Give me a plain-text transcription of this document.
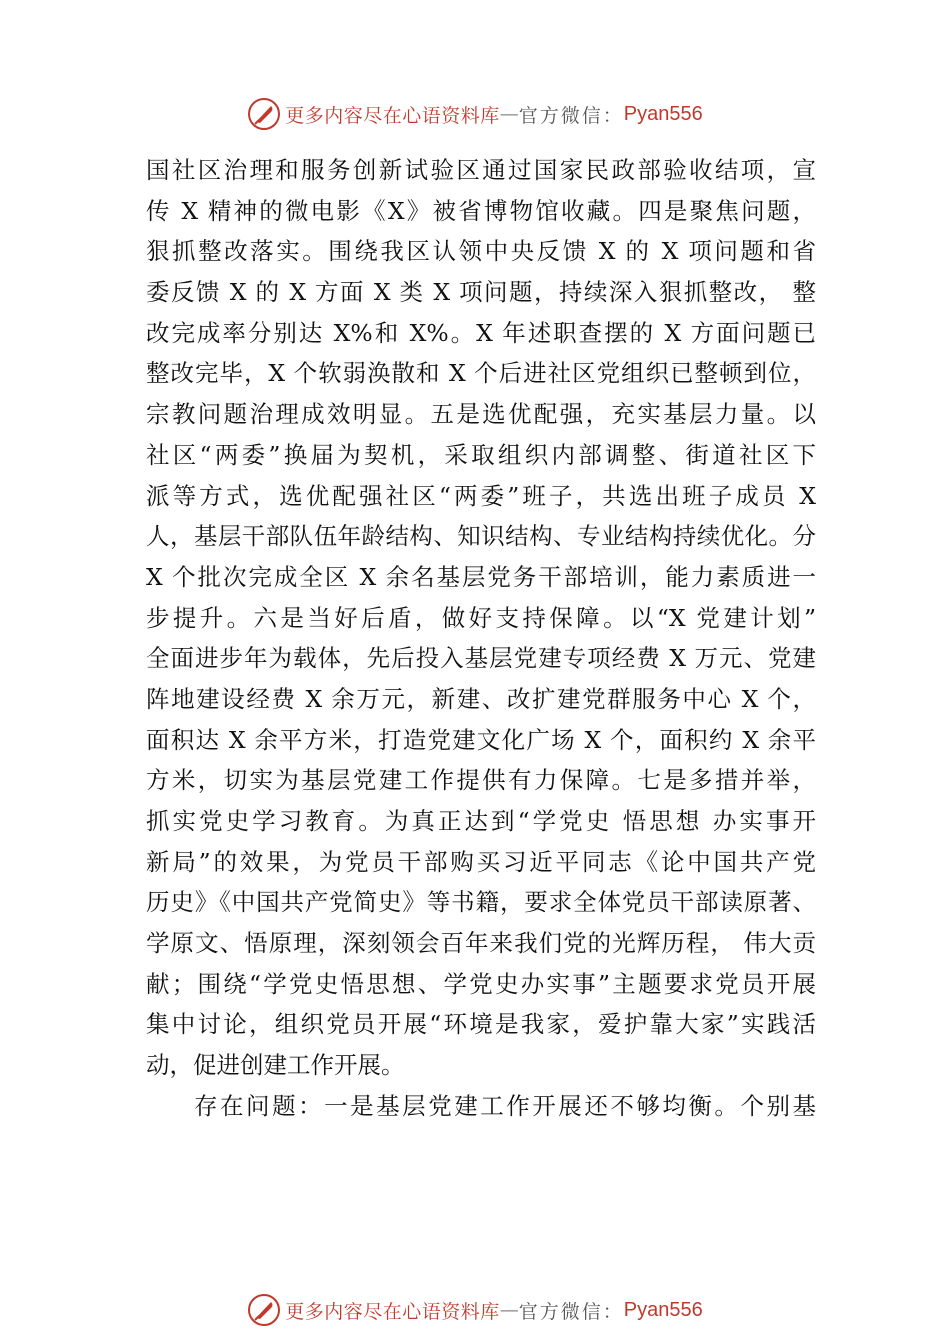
更多内容尽在心语资料库 — 官方微信： Pyan556
国社区治理和服务创新试验区通过国家民政部验收结项，宣
传 X 精神的微电影《X》被省博物馆收藏。四是聚焦问题，
狠抓整改落实。围绕我区认领中央反馈 X 的 X 项问题和省
委反馈 X 的 X 方面 X 类 X 项问题，持续深入狠抓整改， 整
改完成率分别达 X%和 X%。X 年述职查摆的 X 方面问题已
整改完毕，X 个软弱涣散和 X 个后进社区党组织已整顿到位，
宗教问题治理成效明显。五是选优配强，充实基层力量。以
社区“两委”换届为契机，采取组织内部调整、街道社区下
派等方式，选优配强社区“两委”班子，共选出班子成员 X
人，基层干部队伍年龄结构、知识结构、专业结构持续优化。分
X 个批次完成全区 X 余名基层党务干部培训，能力素质进一
步提升。六是当好后盾，做好支持保障。以“X 党建计划”
全面进步年为载体，先后投入基层党建专项经费 X 万元、党建
阵地建设经费 X 余万元，新建、改扩建党群服务中心 X 个，
面积达 X 余平方米，打造党建文化广场 X 个，面积约 X 余平
方米，切实为基层党建工作提供有力保障。七是多措并举，
抓实党史学习教育。为真正达到“学党史 悟思想 办实事开
新局”的效果，为党员干部购买习近平同志《论中国共产党
历史》《中国共产党简史》等书籍，要求全体党员干部读原著、
学原文、悟原理，深刻领会百年来我们党的光辉历程， 伟大贡
献；围绕“学党史悟思想、学党史办实事”主题要求党员开展
集中讨论，组织党员开展“环境是我家，爱护靠大家”实践活
动，促进创建工作开展。
存在问题：一是基层党建工作开展还不够均衡。个别基
更多内容尽在心语资料库 — 官方微信： Pyan556
